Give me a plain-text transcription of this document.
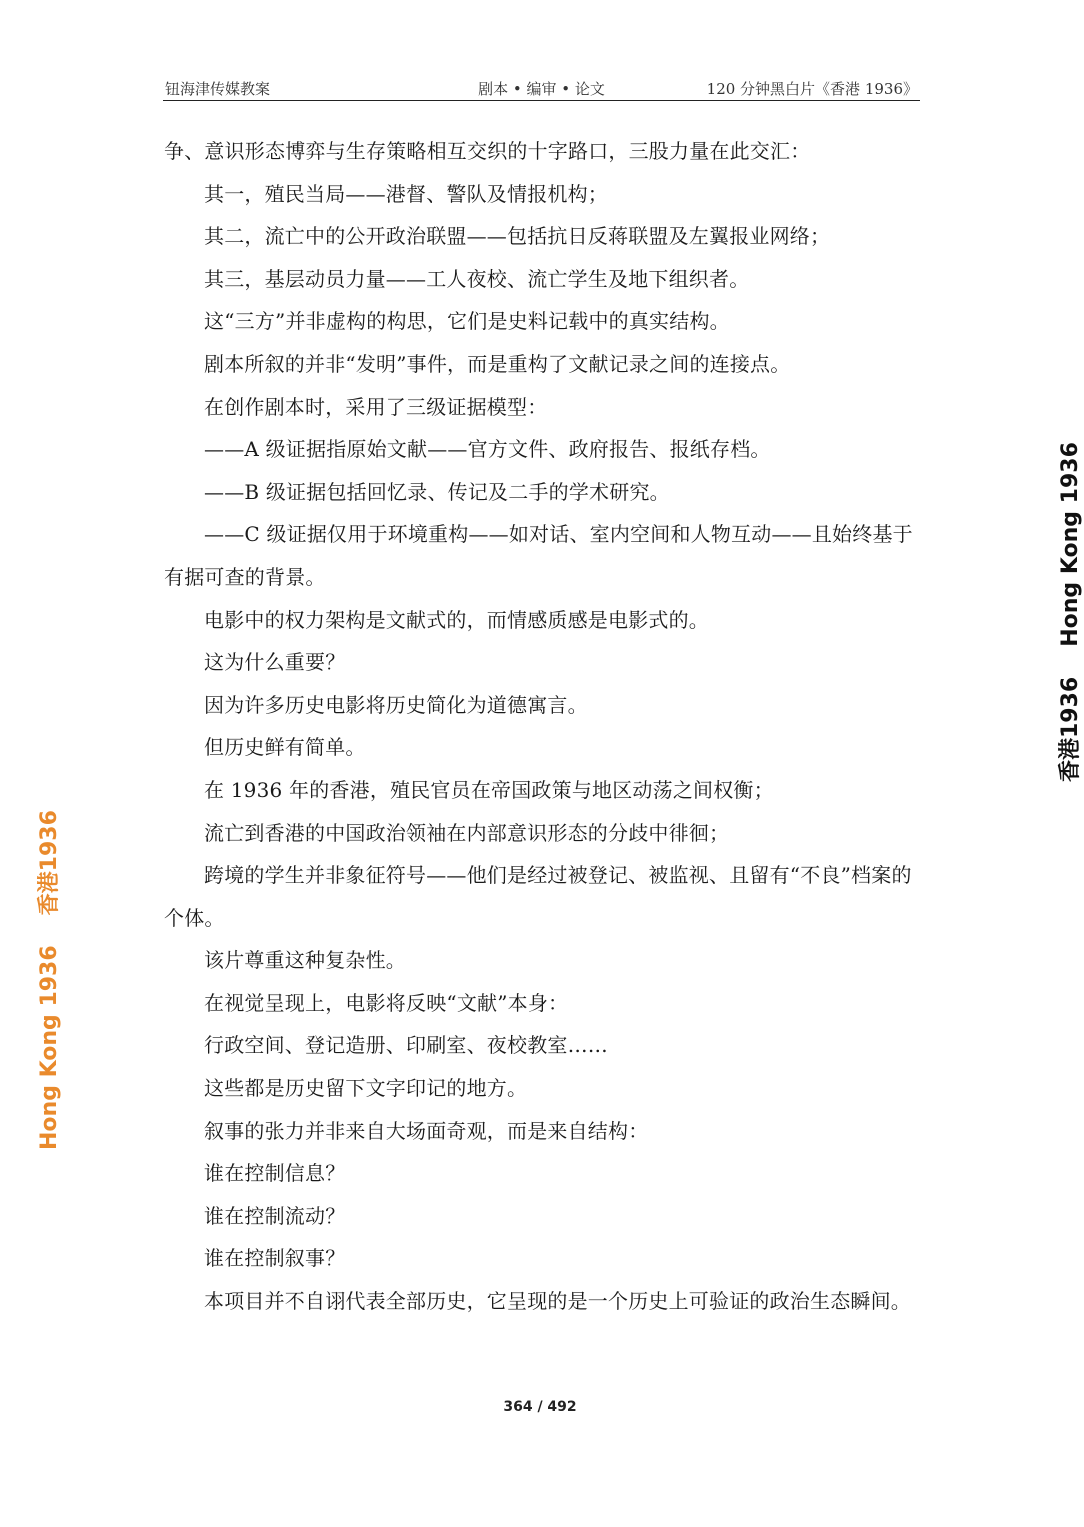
钮海津传媒教案	剧本 • 编审 • 论文	120 分钟黑白片《香港 1936》

争、意识形态博弈与生存策略相互交织的十字路口，三股力量在此交汇：

其一，殖民当局——港督、警队及情报机构；

其二，流亡中的公开政治联盟——包括抗日反蒋联盟及左翼报业网络；

其三，基层动员力量——工人夜校、流亡学生及地下组织者。

这“三方”并非虚构的构思，它们是史料记载中的真实结构。

剧本所叙的并非“发明”事件，而是重构了文献记录之间的连接点。

在创作剧本时，采用了三级证据模型：

——A 级证据指原始文献——官方文件、政府报告、报纸存档。

——B 级证据包括回忆录、传记及二手的学术研究。

——C 级证据仅用于环境重构——如对话、室内空间和人物互动——且始终基于有据可查的背景。

电影中的权力架构是文献式的，而情感质感是电影式的。

这为什么重要？

因为许多历史电影将历史简化为道德寓言。

但历史鲜有简单。

在 1936 年的香港，殖民官员在帝国政策与地区动荡之间权衡；

流亡到香港的中国政治领袖在内部意识形态的分歧中徘徊；

跨境的学生并非象征符号——他们是经过被登记、被监视、且留有“不良”档案的个体。

该片尊重这种复杂性。

在视觉呈现上，电影将反映“文献”本身：

行政空间、登记造册、印刷室、夜校教室……

这些都是历史留下文字印记的地方。

叙事的张力并非来自大场面奇观，而是来自结构：

谁在控制信息？

谁在控制流动？

谁在控制叙事？

本项目并不自诩代表全部历史，它呈现的是一个历史上可验证的政治生态瞬间。

香港1936Hong Kong 1936
Hong Kong 1936香港1936
364 / 492
